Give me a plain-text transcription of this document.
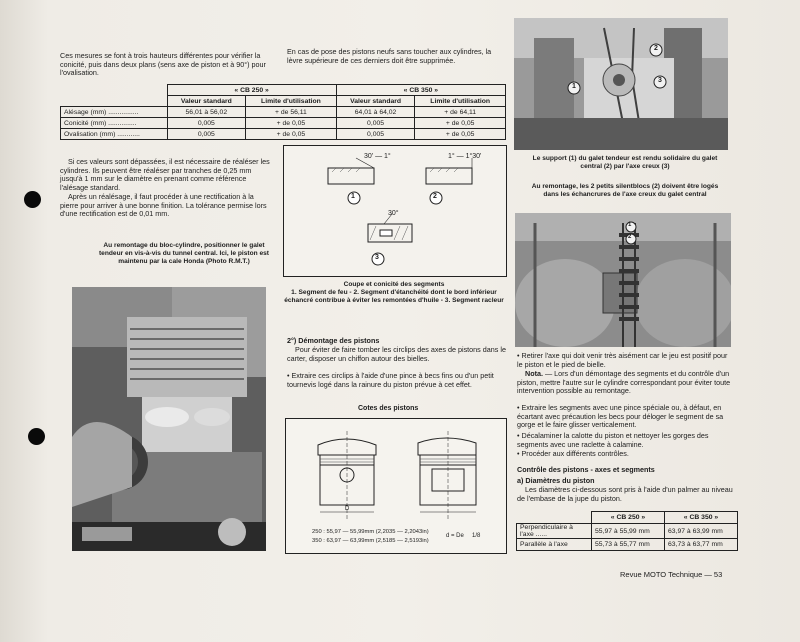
Ces mesures se font à trois hauteurs différentes pour vérifier la conicité, puis dans deux plans (sens axe de piston et à 90°) pour l'ovalisation.
En cas de pose des pistons neufs sans toucher aux cylindres, la lèvre supérieure de ces derniers doit être supprimée.
	« CB 250 »		« CB 350 »	
	Valeur standard	Limite d'utilisation	Valeur standard	Limite d'utilisation
Alésage (mm) ................	56,01 à 56,02	+ de 56,11	64,01 à 64,02	+ de 64,11
Conicité (mm) ...............	0,005	+ de 0,05	0,005	+ de 0,05
Ovalisation (mm) ............	0,005	+ de 0,05	0,005	+ de 0,05
Si ces valeurs sont dépassées, il est nécessaire de réaléser les cylindres. Ils peuvent être réaléser par tranches de 0,25 mm jusqu'à 1 mm sur le diamètre en prenant comme référence l'alésage standard.
Après un réalésage, il faut procéder à une rectification à la pierre pour arriver à une bonne finition. La tolérance permise lors d'une rectification est de 0,01 mm.
Au remontage du bloc-cylindre, positionner le galet tendeur en vis-à-vis du tunnel central. Ici, le piston est maintenu par la cale Honda (Photo R.M.T.)
30' — 1°	1° — 1°30'
30°
1	2
3
Coupe et conicité des segments
1. Segment de feu - 2. Segment d'étanchéité dont le bord inférieur échancré contribue à éviter les remontées d'huile - 3. Segment racleur
2°) Démontage des pistons
Pour éviter de faire tomber les circlips des axes de pistons dans le carter, disposer un chiffon autour des bielles.
• Extraire ces circlips à l'aide d'une pince à becs fins ou d'un petit tournevis logé dans la rainure du piston prévue à cet effet.
Cotes des pistons
D
250 : 55,97 — 55,99mm (2,2035 — 2,2043in)
350 : 63,97 — 63,99mm (2,5185 — 2,5193in)
d = De 1/8
1
2
3
Le support (1) du galet tendeur est rendu solidaire du galet central (2) par l'axe creux (3)
Au remontage, les 2 petits silentblocs (2) doivent être logés dans les échancrures de l'axe creux du galet central
1
2
• Retirer l'axe qui doit venir très aisément car le jeu est positif pour le piston et le pied de bielle.
Nota. — Lors d'un démontage des segments et du contrôle d'un piston, mettre l'autre sur le cylindre correspondant pour éviter toute intervention possible au remontage.
• Extraire les segments avec une pince spéciale ou, à défaut, en écartant avec précaution les becs pour déloger le segment de sa gorge et le faire glisser verticalement.
• Décalaminer la calotte du piston et nettoyer les gorges des segments avec une raclette à calamine.
• Procéder aux différents contrôles.
Contrôle des pistons - axes et segments
a) Diamètres du piston
Les diamètres ci-dessous sont pris à l'aide d'un palmer au niveau de l'embase de la jupe du piston.
	« CB 250 »	« CB 350 »
Perpendiculaire à l'axe ......	55,97 à 55,99 mm	63,97 à 63,99 mm
Parallèle à l'axe	55,73 à 55,77 mm	63,73 à 63,77 mm
Revue MOTO Technique — 53
